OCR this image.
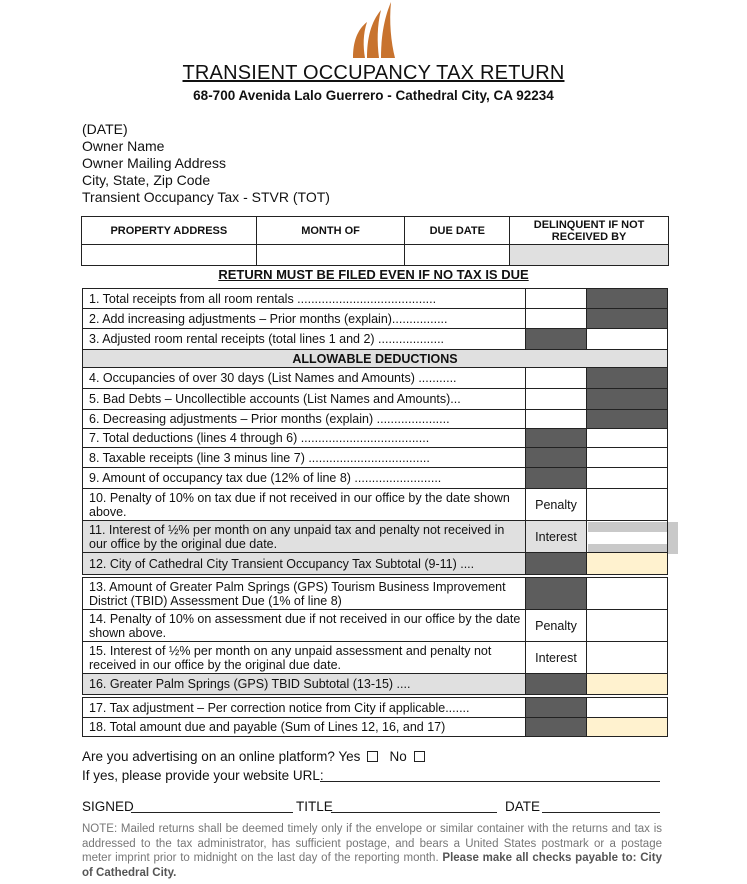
TRANSIENT OCCUPANCY TAX RETURN
68-700 Avenida Lalo Guerrero - Cathedral City, CA 92234
(DATE)
Owner Name
Owner Mailing Address
City, State, Zip Code
Transient Occupancy Tax - STVR (TOT)
PROPERTY ADDRESS	MONTH OF	DUE DATE	DELINQUENT IF NOT
RECEIVED BY

RETURN MUST BE FILED EVEN IF NO TAX IS DUE
1. Total receipts from all room rentals ........................................		
2. Add increasing adjustments – Prior months (explain)................		
3. Adjusted room rental receipts (total lines 1 and 2) ...................		
ALLOWABLE DEDUCTIONS		
4. Occupancies of over 30 days (List Names and Amounts) ...........		
5. Bad Debts – Uncollectible accounts (List Names and Amounts)...		
6. Decreasing adjustments – Prior months (explain) .....................		
7. Total deductions (lines 4 through 6) .....................................		
8. Taxable receipts (line 3 minus line 7) ...................................		
9. Amount of occupancy tax due (12% of line 8) .........................		
10. Penalty of 10% on tax due if not received in our office by the date shown above.	Penalty	
11. Interest of ½% per month on any unpaid tax and penalty not received in our office by the original due date.	Interest	
12. City of Cathedral City Transient Occupancy Tax Subtotal (9-11) ....		

13. Amount of Greater Palm Springs (GPS) Tourism Business Improvement District (TBID) Assessment Due (1% of line 8)		
14. Penalty of 10% on assessment due if not received in our office by the date shown above.	Penalty	
15. Interest of ½% per month on any unpaid assessment and penalty not received in our office by the original due date.	Interest	
16. Greater Palm Springs (GPS) TBID Subtotal (13-15) ....		

17. Tax adjustment – Per correction notice from City if applicable.......		
18. Total amount due and payable (Sum of Lines 12, 16, and 17)		
Are you advertising on an online platform? Yes No
If yes, please provide your website URL:
SIGNED	TITLE	DATE
NOTE: Mailed returns shall be deemed timely only if the envelope or similar container with the returns and tax is addressed to the tax administrator, has sufficient postage, and bears a United States postmark or a postage meter imprint prior to midnight on the last day of the reporting month. Please make all checks payable to: City of Cathedral City.
